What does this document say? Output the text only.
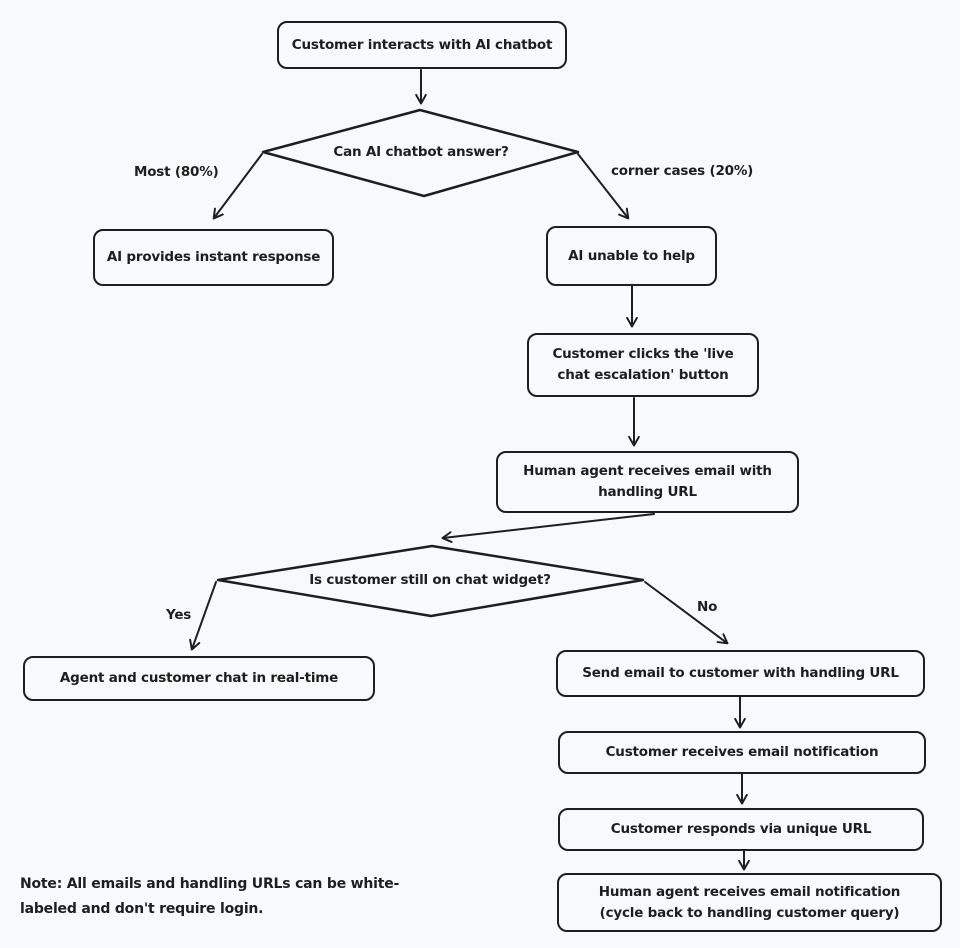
Customer interacts with AI chatbot
AI provides instant response	AI unable to help
Customer clicks the 'live chat escalation' button
Human agent receives email with handling URL
Agent and customer chat in real-time	Send email to customer with handling URL
Customer receives email notification
Customer responds via unique URL
Human agent receives email notification (cycle back to handling customer query)
Can AI chatbot answer?
Is customer still on chat widget?
Most (80%)	corner cases (20%)
Yes	No
Note: All emails and handling URLs can be white-labeled and don't require login.
